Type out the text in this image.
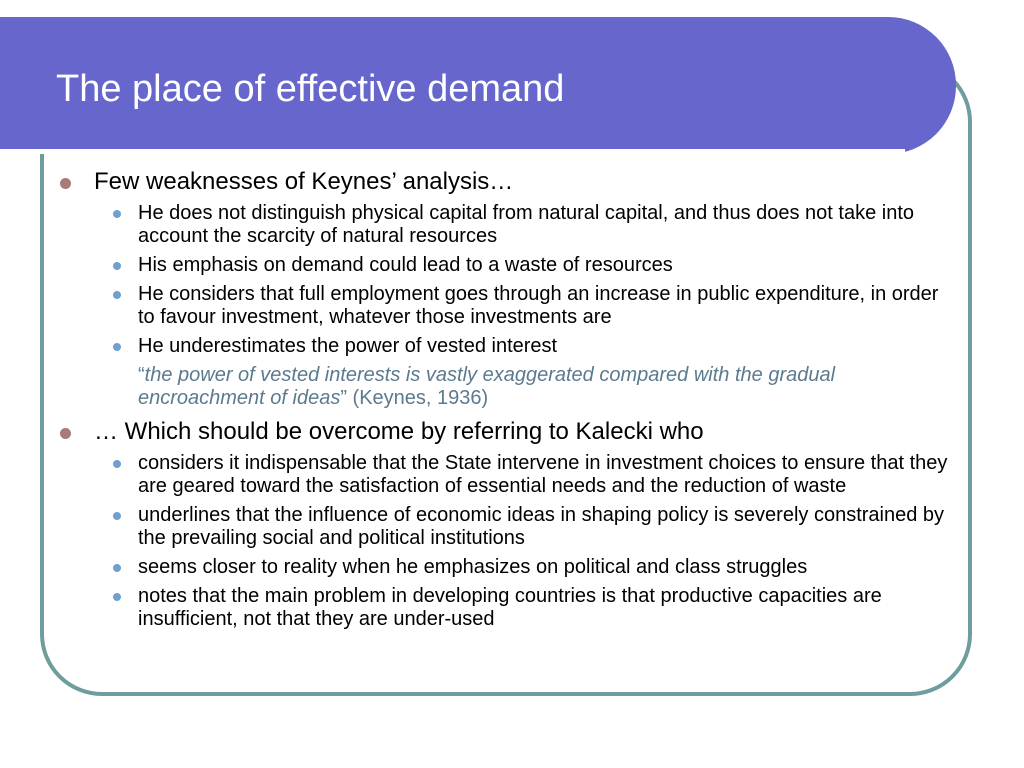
The place of effective demand
Few weaknesses of Keynes’ analysis…
He does not distinguish physical capital from natural capital, and thus does not take into account the scarcity of natural resources
His emphasis on demand could lead to a waste of resources
He considers that full employment goes through an increase in public expenditure, in order to favour investment, whatever those investments are
He underestimates the power of vested interest
“the power of vested interests is vastly exaggerated compared with the gradual encroachment of ideas” (Keynes, 1936)
… Which should be overcome by referring to Kalecki who
considers it indispensable that the State intervene in investment choices to ensure that they are geared toward the satisfaction of essential needs and the reduction of waste
underlines that the influence of economic ideas in shaping policy is severely constrained by the prevailing social and political institutions
seems closer to reality when he emphasizes on political and class struggles
notes that the main problem in developing countries is that productive capacities are insufficient, not that they are under-used
